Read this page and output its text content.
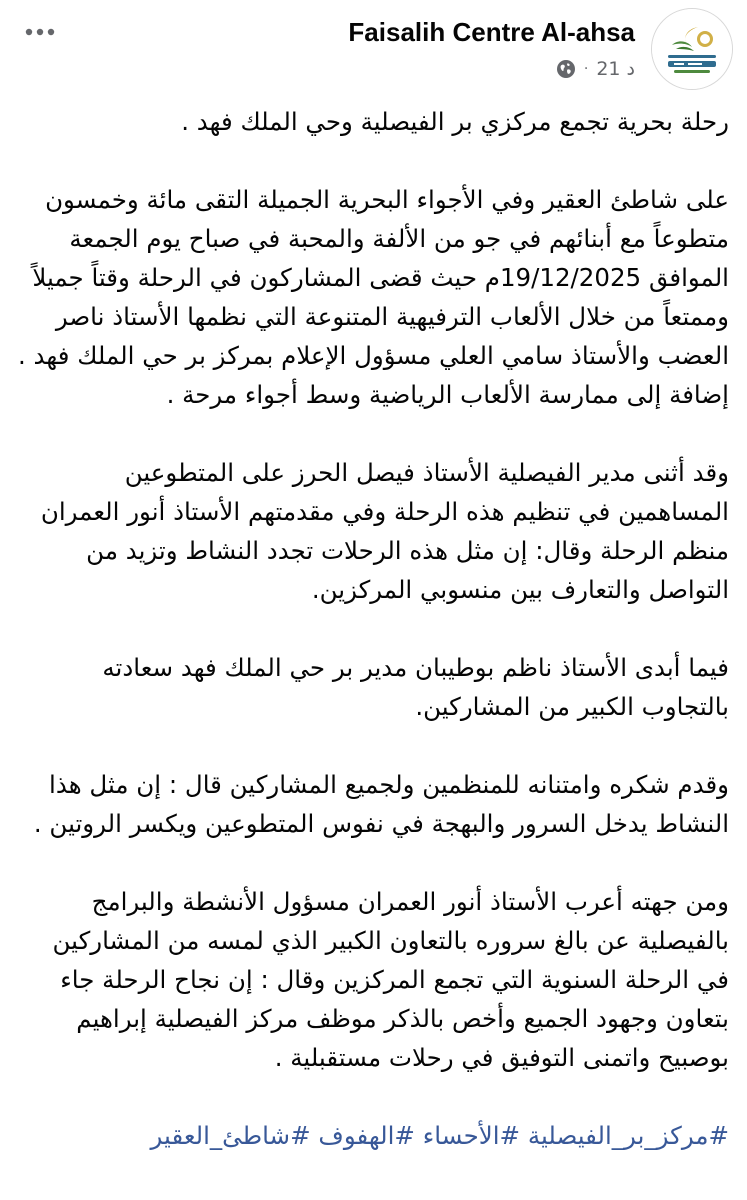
Faisalih Centre Al-ahsa
· 21 د

رحلة بحرية تجمع مركزي بر الفيصلية وحي الملك فهد .

على شاطئ العقير وفي الأجواء البحرية الجميلة التقى مائة وخمسون متطوعاً مع أبنائهم في جو من الألفة والمحبة في صباح يوم الجمعة الموافق 19/12/2025م حيث قضى المشاركون في الرحلة وقتاً جميلاً وممتعاً من خلال الألعاب الترفيهية المتنوعة التي نظمها الأستاذ ناصر العضب والأستاذ سامي العلي مسؤول الإعلام بمركز بر حي الملك فهد . إضافة إلى ممارسة الألعاب الرياضية وسط أجواء مرحة .

وقد أثنى مدير الفيصلية الأستاذ فيصل الحرز على المتطوعين المساهمين في تنظيم هذه الرحلة وفي مقدمتهم الأستاذ أنور العمران منظم الرحلة وقال: إن مثل هذه الرحلات تجدد النشاط وتزيد من التواصل والتعارف بين منسوبي المركزين.

فيما أبدى الأستاذ ناظم بوطيبان مدير بر حي الملك فهد سعادته بالتجاوب الكبير من المشاركين.

وقدم شكره وامتنانه للمنظمين ولجميع المشاركين قال : إن مثل هذا النشاط يدخل السرور والبهجة في نفوس المتطوعين ويكسر الروتين .

ومن جهته أعرب الأستاذ أنور العمران مسؤول الأنشطة والبرامج بالفيصلية عن بالغ سروره بالتعاون الكبير الذي لمسه من المشاركين في الرحلة السنوية التي تجمع المركزين وقال : إن نجاح الرحلة جاء بتعاون وجهود الجميع وأخص بالذكر موظف مركز الفيصلية إبراهيم بوصبيح واتمنى التوفيق في رحلات مستقبلية .

#مركز_بر_الفيصلية #الأحساء #الهفوف #شاطئ_العقير
